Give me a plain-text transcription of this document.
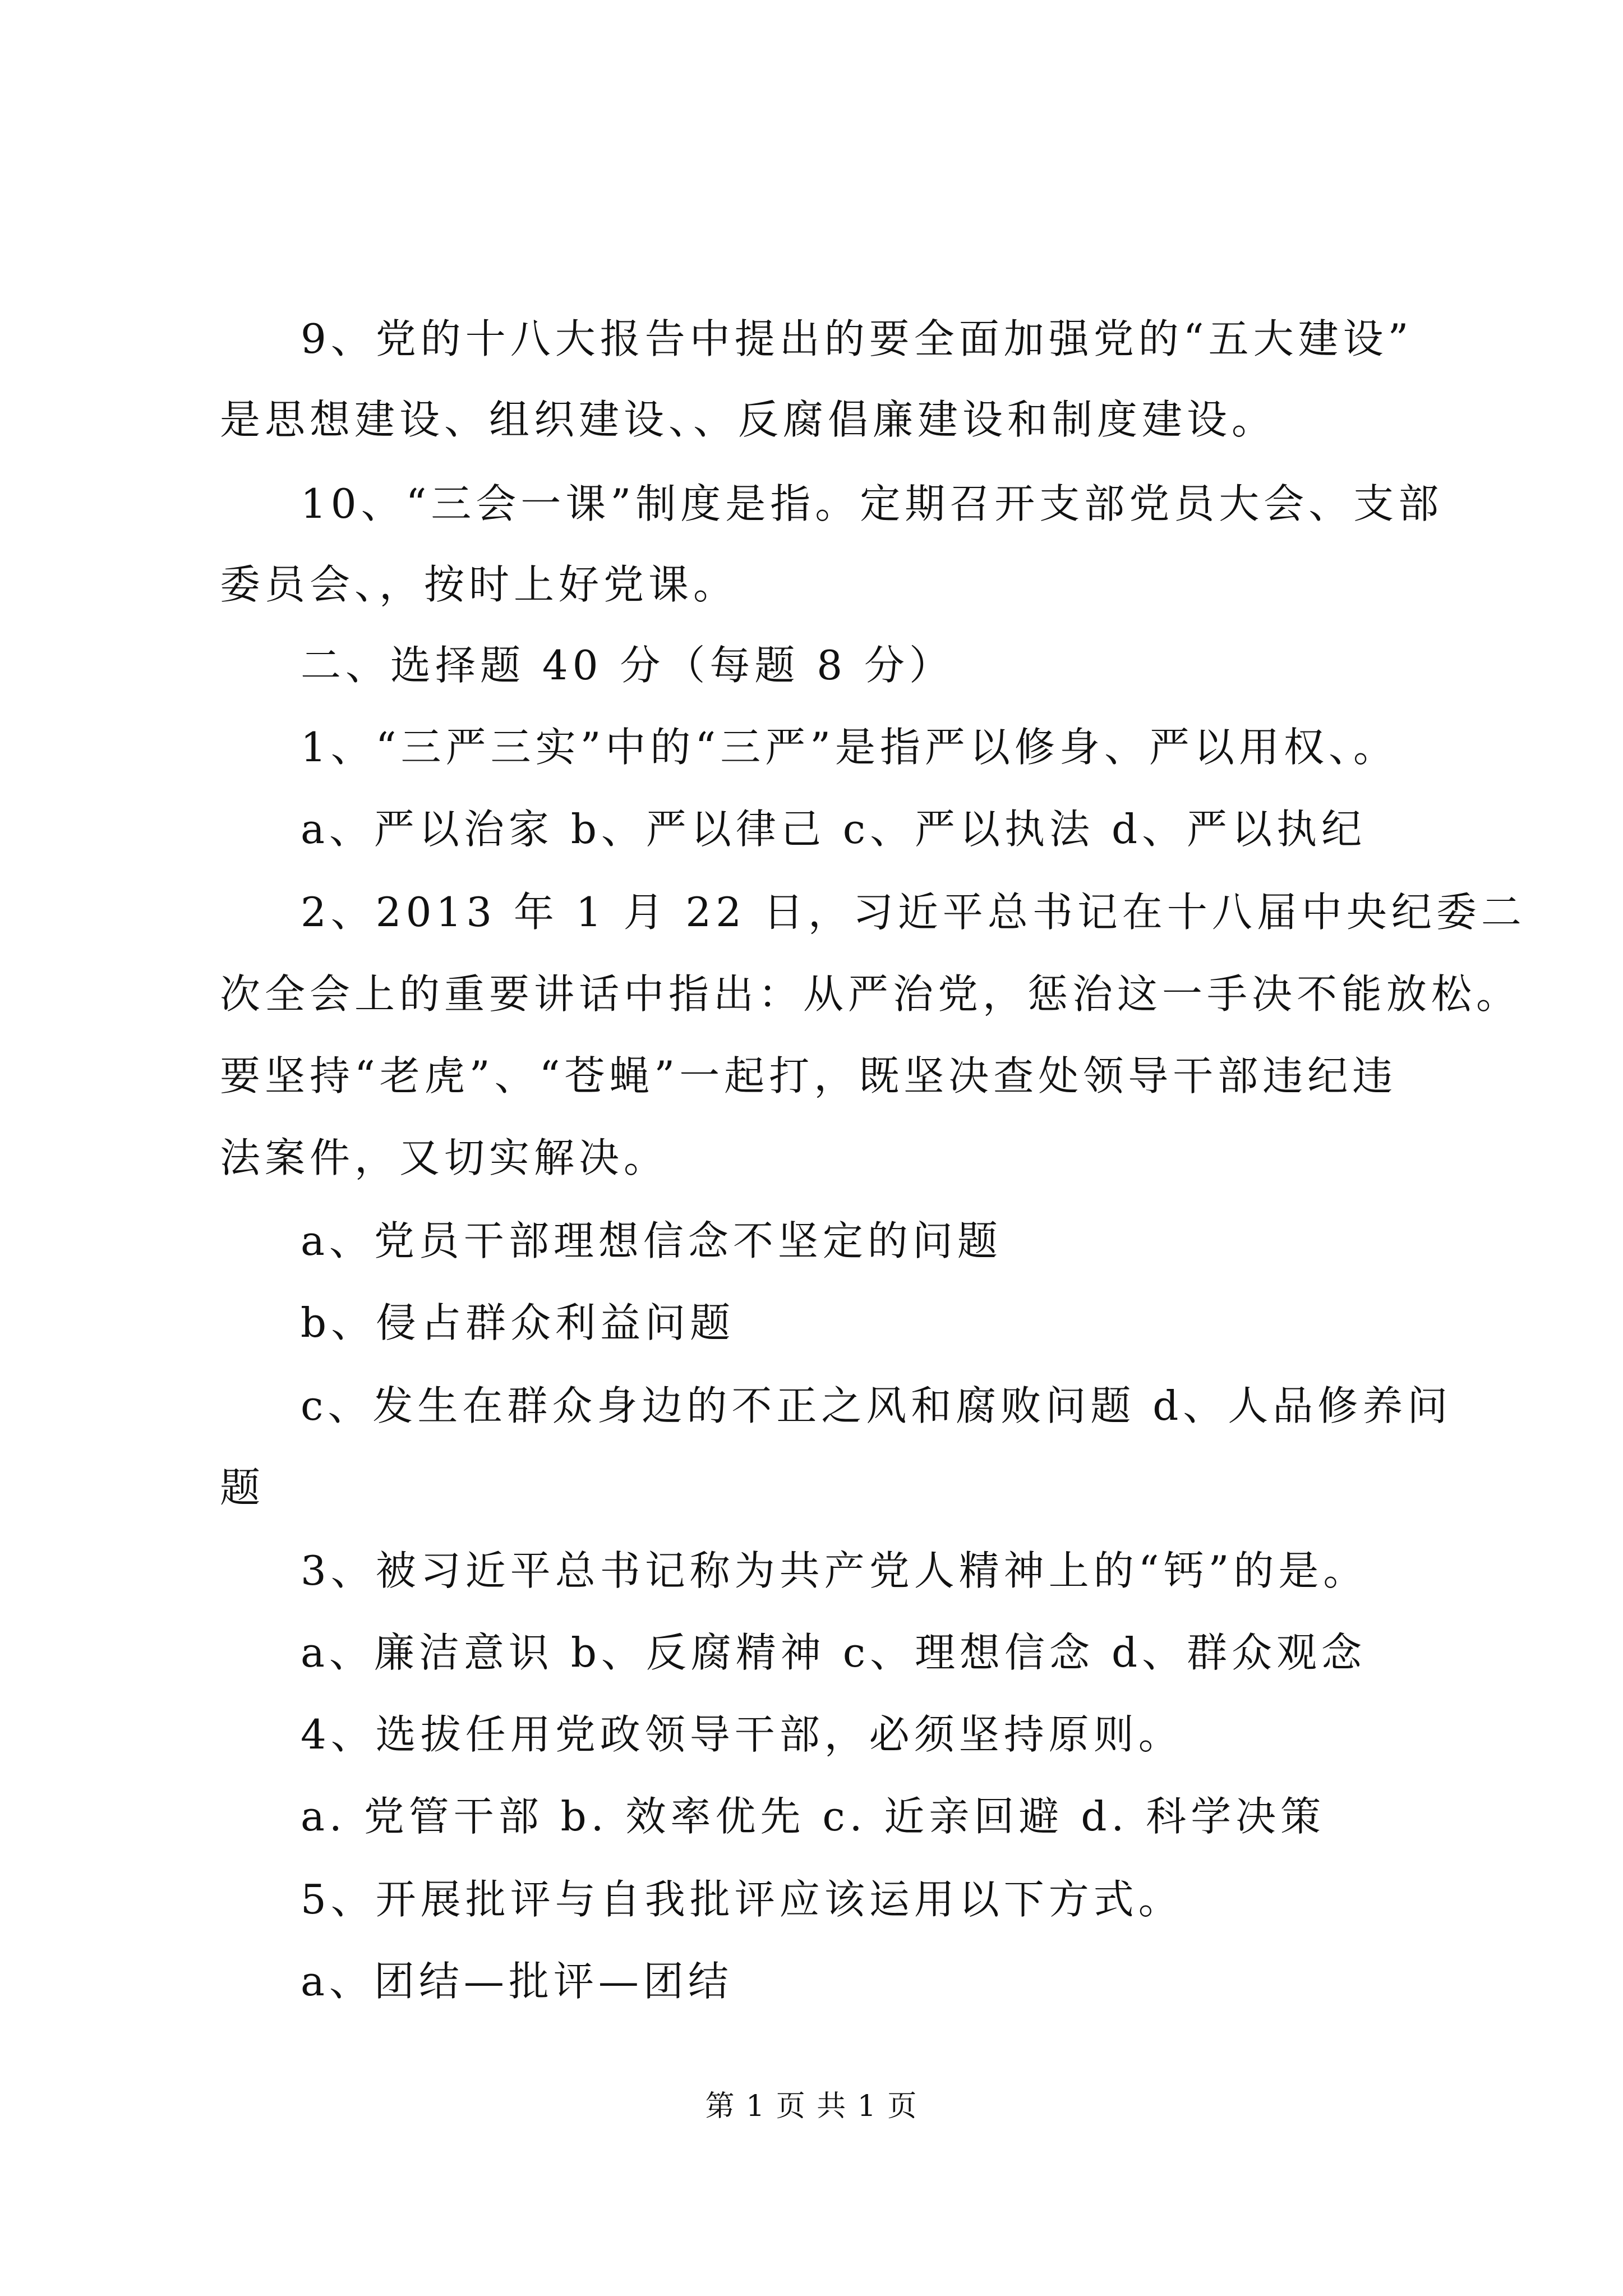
9、党的十八大报告中提出的要全面加强党的“五大建设”
是思想建设、组织建设、、反腐倡廉建设和制度建设。
10、“三会一课”制度是指。定期召开支部党员大会、支部
委员会、，按时上好党课。
二、选择题 40 分（每题 8 分）
1、“三严三实”中的“三严”是指严以修身、严以用权、。
a、严以治家 b、严以律己 c、严以执法 d、严以执纪
2、2013 年 1 月 22 日，习近平总书记在十八届中央纪委二
次全会上的重要讲话中指出：从严治党，惩治这一手决不能放松。
要坚持“老虎”、“苍蝇”一起打，既坚决查处领导干部违纪违
法案件，又切实解决。
a、党员干部理想信念不坚定的问题
b、侵占群众利益问题
c、发生在群众身边的不正之风和腐败问题 d、人品修养问
题
3、被习近平总书记称为共产党人精神上的“钙”的是。
a、廉洁意识 b、反腐精神 c、理想信念 d、群众观念
4、选拔任用党政领导干部，必须坚持原则。
a. 党管干部 b. 效率优先 c. 近亲回避 d. 科学决策
5、开展批评与自我批评应该运用以下方式。
a、团结—批评—团结
第 1 页 共 1 页
